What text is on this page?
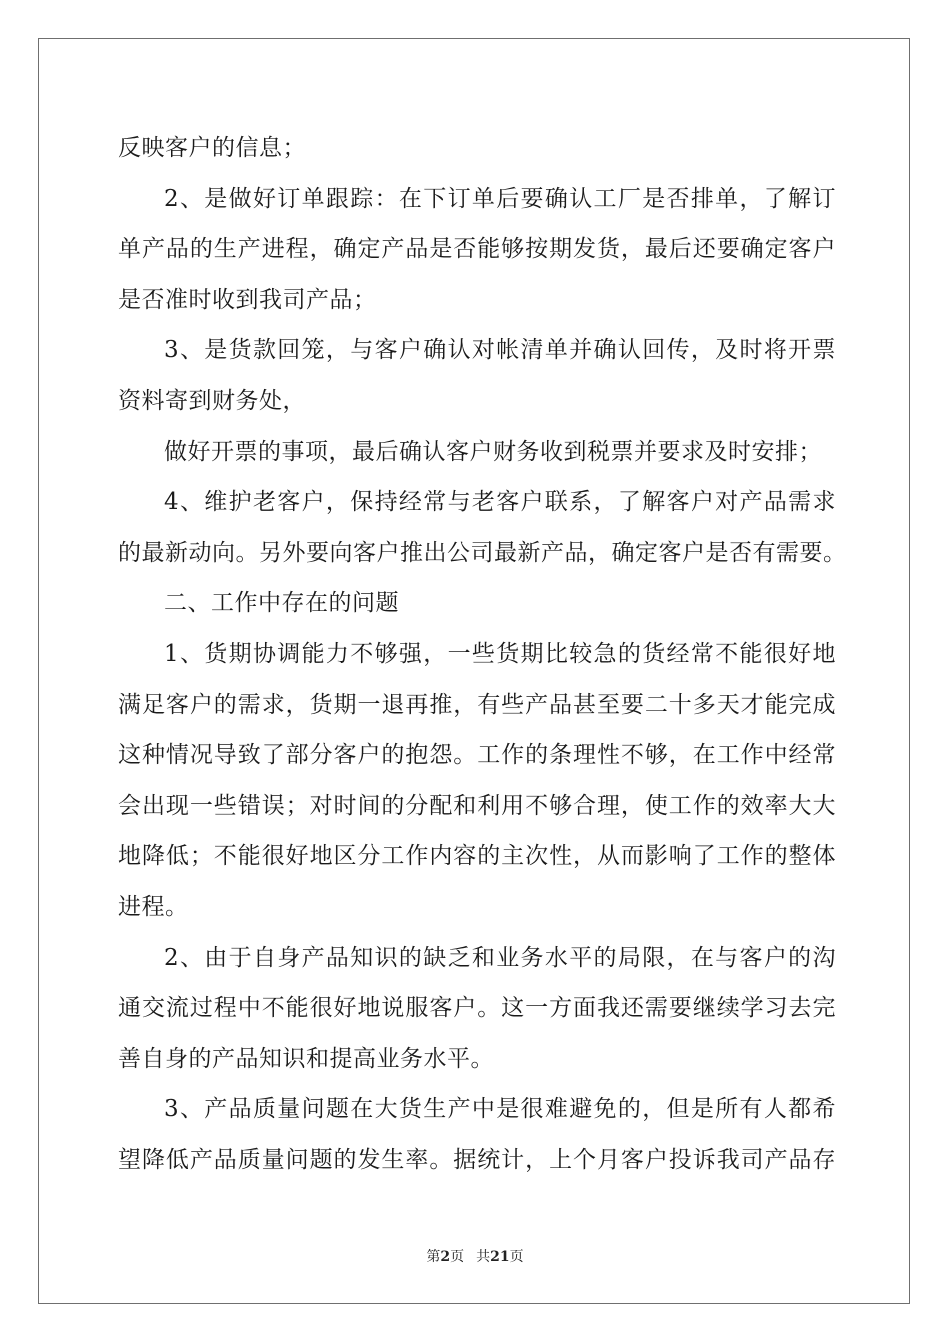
反映客户的信息；
2、是做好订单跟踪：在下订单后要确认工厂是否排单，了解订
单产品的生产进程，确定产品是否能够按期发货，最后还要确定客户
是否准时收到我司产品；
3、是货款回笼，与客户确认对帐清单并确认回传，及时将开票
资料寄到财务处，
做好开票的事项，最后确认客户财务收到税票并要求及时安排；
4、维护老客户，保持经常与老客户联系，了解客户对产品需求
的最新动向。另外要向客户推出公司最新产品，确定客户是否有需要。
二、工作中存在的问题
1、货期协调能力不够强，一些货期比较急的货经常不能很好地
满足客户的需求，货期一退再推，有些产品甚至要二十多天才能完成
这种情况导致了部分客户的抱怨。工作的条理性不够，在工作中经常
会出现一些错误；对时间的分配和利用不够合理，使工作的效率大大
地降低；不能很好地区分工作内容的主次性，从而影响了工作的整体
进程。
2、由于自身产品知识的缺乏和业务水平的局限，在与客户的沟
通交流过程中不能很好地说服客户。这一方面我还需要继续学习去完
善自身的产品知识和提高业务水平。
3、产品质量问题在大货生产中是很难避免的，但是所有人都希
望降低产品质量问题的发生率。据统计，上个月客户投诉我司产品存
第2页 共21页
